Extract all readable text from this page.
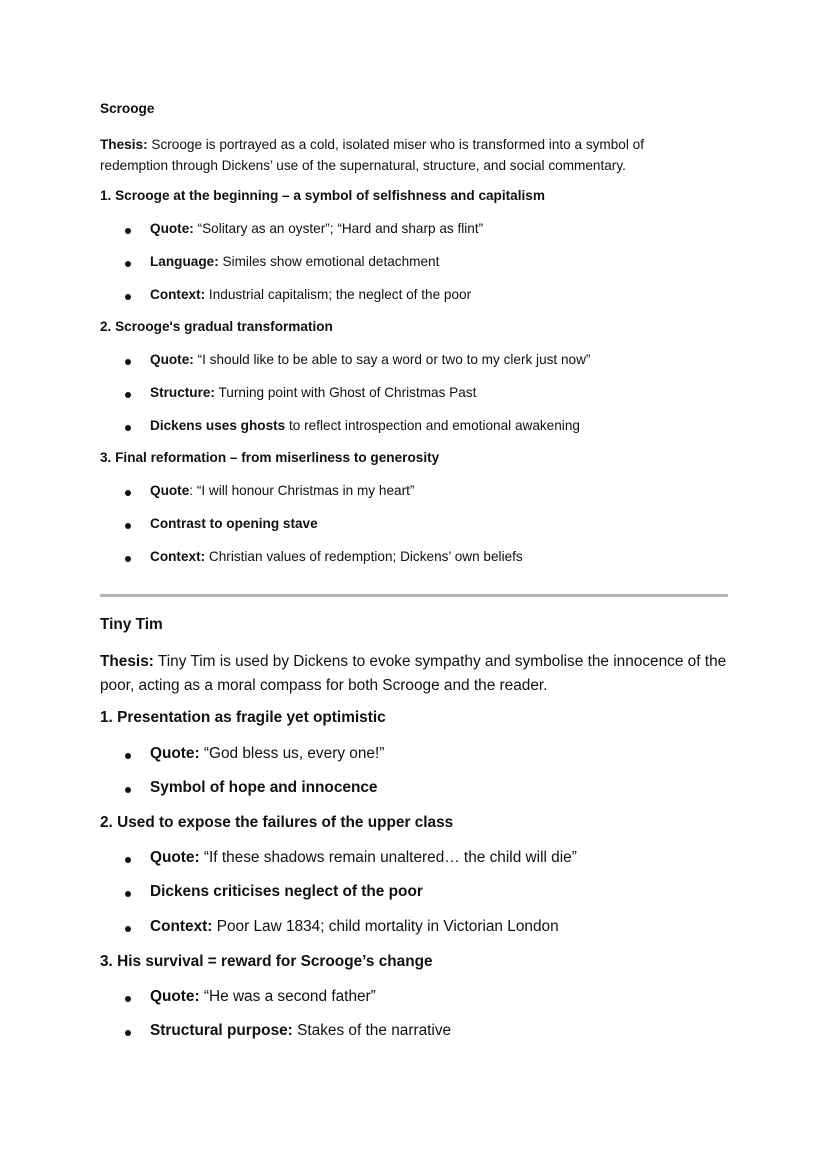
Scrooge
Thesis: Scrooge is portrayed as a cold, isolated miser who is transformed into a symbol of
redemption through Dickens’ use of the supernatural, structure, and social commentary.
1. Scrooge at the beginning – a symbol of selfishness and capitalism
Quote: “Solitary as an oyster”; “Hard and sharp as flint”
Language: Similes show emotional detachment
Context: Industrial capitalism; the neglect of the poor
2. Scrooge's gradual transformation
Quote: “I should like to be able to say a word or two to my clerk just now”
Structure: Turning point with Ghost of Christmas Past
Dickens uses ghosts to reflect introspection and emotional awakening
3. Final reformation – from miserliness to generosity
Quote: “I will honour Christmas in my heart”
Contrast to opening stave
Context: Christian values of redemption; Dickens’ own beliefs
Tiny Tim
Thesis: Tiny Tim is used by Dickens to evoke sympathy and symbolise the innocence of the
poor, acting as a moral compass for both Scrooge and the reader.
1. Presentation as fragile yet optimistic
Quote: “God bless us, every one!”
Symbol of hope and innocence
2. Used to expose the failures of the upper class
Quote: “If these shadows remain unaltered… the child will die”
Dickens criticises neglect of the poor
Context: Poor Law 1834; child mortality in Victorian London
3. His survival = reward for Scrooge’s change
Quote: “He was a second father”
Structural purpose: Stakes of the narrative
